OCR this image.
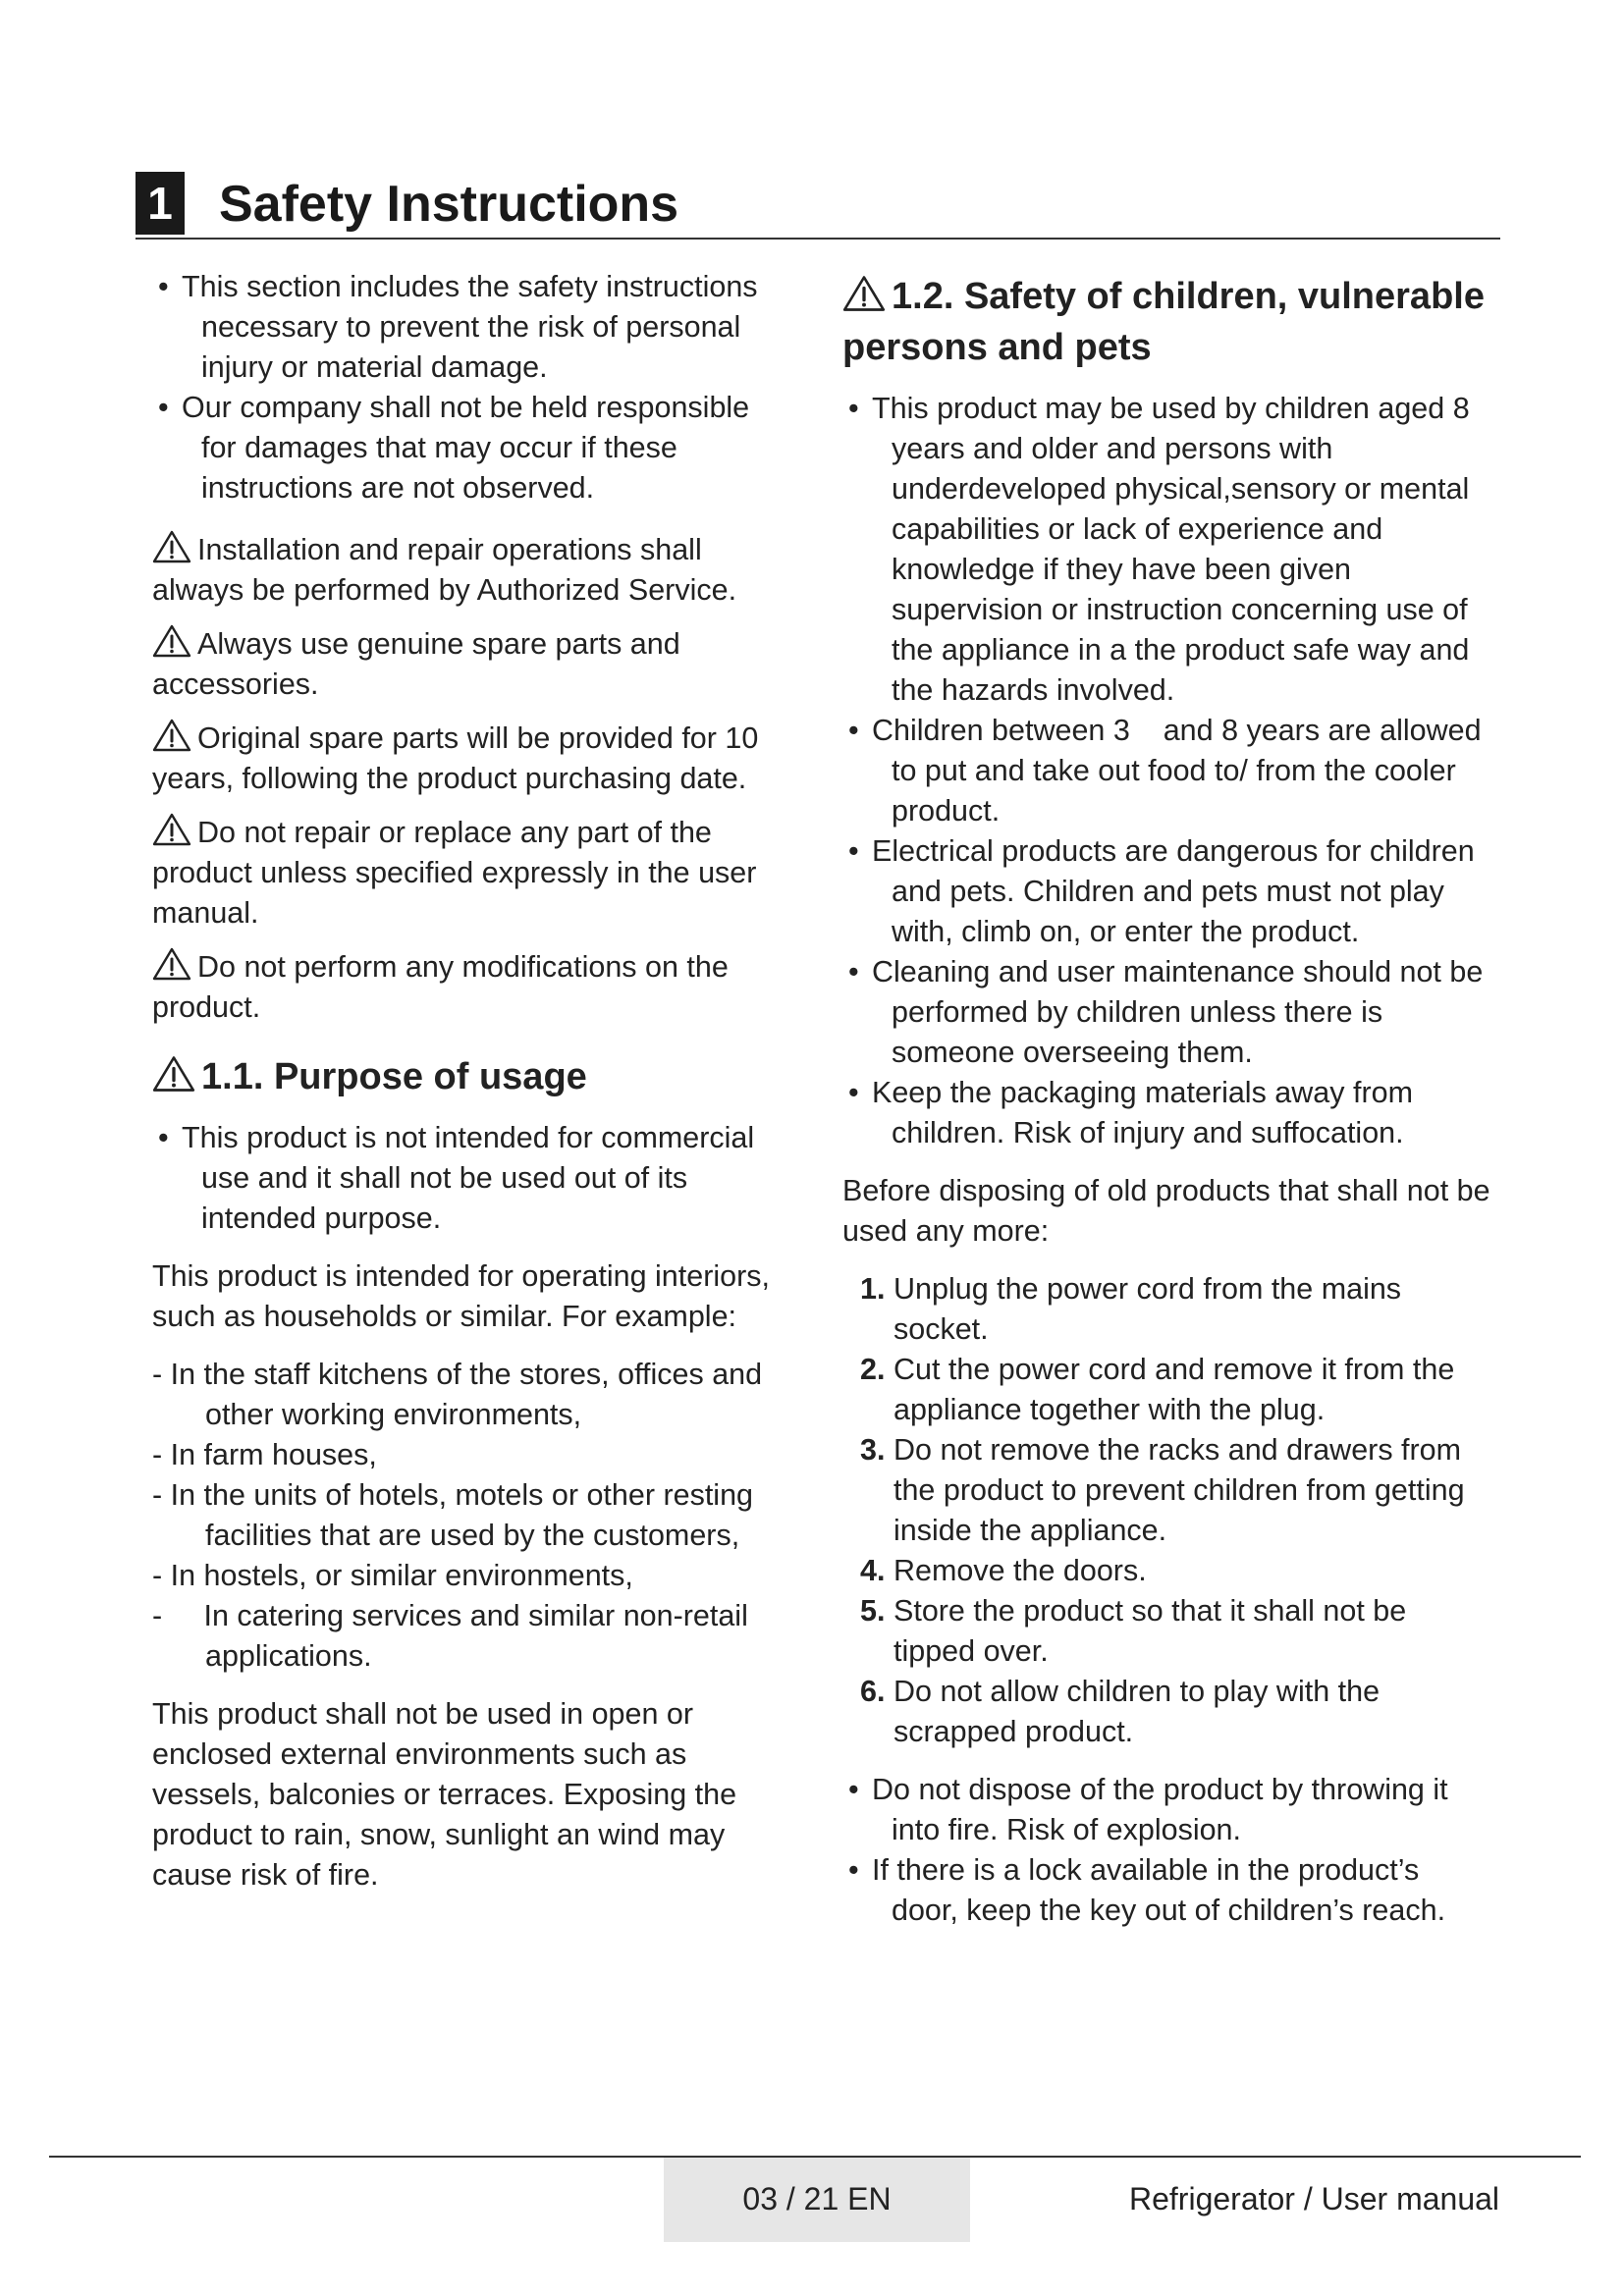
1 Safety Instructions
• This section includes the safety instructions necessary to prevent the risk of personal injury or material damage.
• Our company shall not be held responsible for damages that may occur if these instructions are not observed.

Installation and repair operations shall always be performed by Authorized Service.

Always use genuine spare parts and accessories.

Original spare parts will be provided for 10 years, following the product purchasing date.

Do not repair or replace any part of the product unless specified expressly in the user manual.

Do not perform any modifications on the product.

1.1. Purpose of usage
• This product is not intended for commercial use and it shall not be used out of its intended purpose.

This product is intended for operating interiors, such as households or similar. For example:

- In the staff kitchens of the stores, offices and other working environments,
- In farm houses,
- In the units of hotels, motels or other resting facilities that are used by the customers,
- In hostels, or similar environments,
-     In catering services and similar non-retail applications.

This product shall not be used in open or enclosed external environments such as vessels, balconies or terraces. Exposing the product to rain, snow, sunlight an wind may cause risk of fire.

1.2. Safety of children, vulnerable persons and pets
• This product may be used by children aged 8 years and older and persons with underdeveloped physical,sensory or mental capabilities or lack of experience and knowledge if they have been given supervision or instruction concerning use of the appliance in a the product safe way and the hazards involved.
• Children between 3    and 8 years are allowed to put and take out food to/ from the cooler product.
• Electrical products are dangerous for children and pets. Children and pets must not play with, climb on, or enter the product.
• Cleaning and user maintenance should not be performed by children unless there is someone overseeing them.
• Keep the packaging materials away from children. Risk of injury and suffocation.

Before disposing of old products that shall not be used any more:

1. Unplug the power cord from the mains socket.
2. Cut the power cord and remove it from the appliance together with the plug.
3. Do not remove the racks and drawers from the product to prevent children from getting inside the appliance.
4. Remove the doors.
5. Store the product so that it shall not be tipped over.
6. Do not allow children to play with the scrapped product.
• Do not dispose of the product by throwing it into fire. Risk of explosion.
• If there is a lock available in the product’s door, keep the key out of children’s reach.
03 / 21 EN	Refrigerator / User manual
